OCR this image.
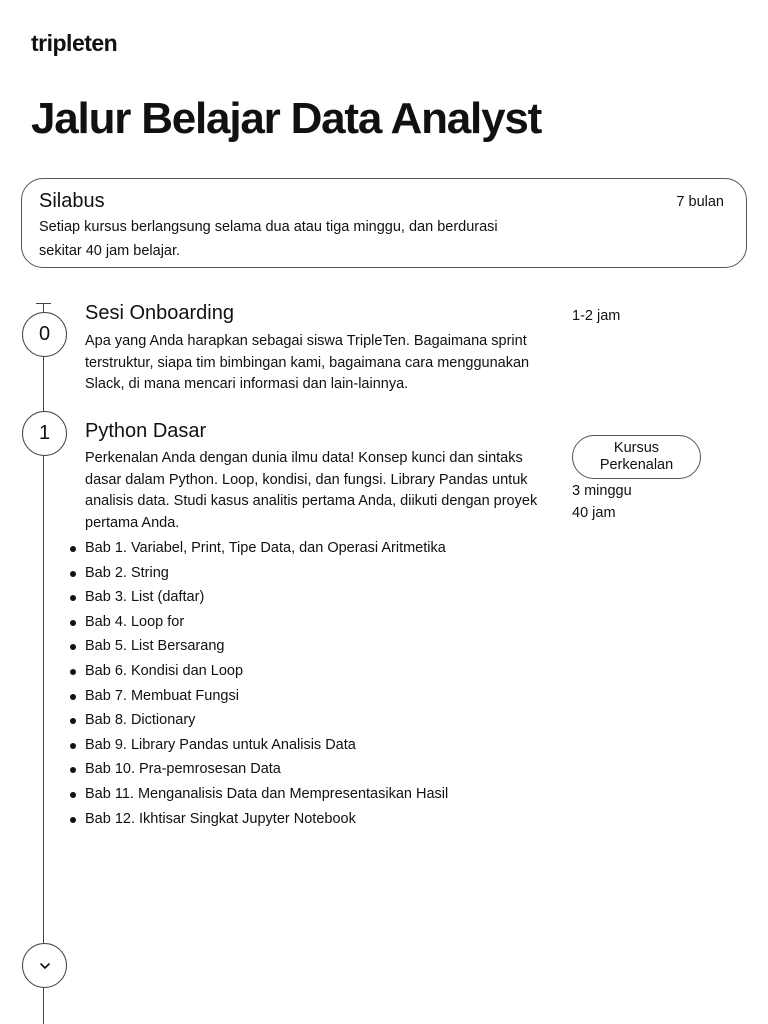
tripleten
Jalur Belajar Data Analyst
Silabus	7 bulan
Setiap kursus berlangsung selama dua atau tiga minggu, dan berdurasi sekitar 40 jam belajar.
0
Sesi Onboarding	1-2 jam
Apa yang Anda harapkan sebagai siswa TripleTen. Bagaimana sprint terstruktur, siapa tim bimbingan kami, bagaimana cara menggunakan Slack, di mana mencari informasi dan lain-lainnya.
1	Python Dasar
Kursus Perkenalan
3 minggu
40 jam
Perkenalan Anda dengan dunia ilmu data! Konsep kunci dan sintaks dasar dalam Python. Loop, kondisi, dan fungsi. Library Pandas untuk analisis data. Studi kasus analitis pertama Anda, diikuti dengan proyek pertama Anda.
Bab 1. Variabel, Print, Tipe Data, dan Operasi Aritmetika
Bab 2. String
Bab 3. List (daftar)
Bab 4. Loop for
Bab 5. List Bersarang
Bab 6. Kondisi dan Loop
Bab 7. Membuat Fungsi
Bab 8. Dictionary
Bab 9. Library Pandas untuk Analisis Data
Bab 10. Pra-pemrosesan Data
Bab 11. Menganalisis Data dan Mempresentasikan Hasil
Bab 12. Ikhtisar Singkat Jupyter Notebook
